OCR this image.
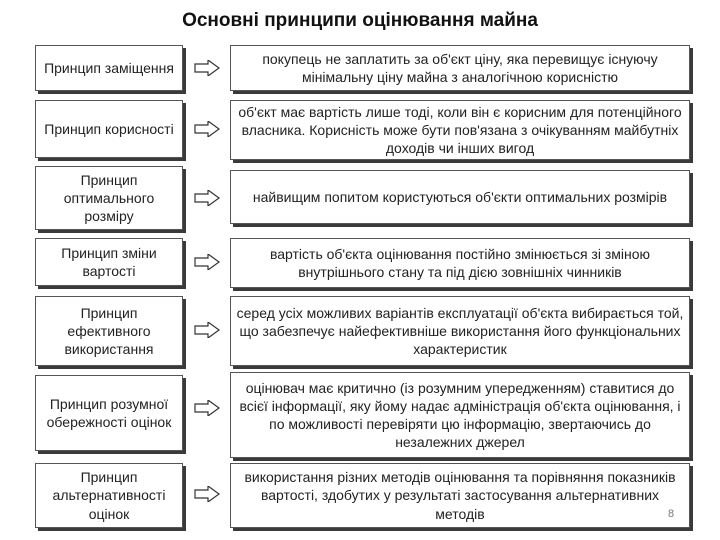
Основні принципи оцінювання майна
Принцип заміщення
покупець не заплатить за об'єкт ціну, яка перевищує існуючу мінімальну ціну майна з аналогічною корисністю
Принцип корисності
об'єкт має вартість лише тоді, коли він є корисним для потенційного власника. Корисність може бути пов'язана з очікуванням майбутніх доходів чи інших вигод
Принцип оптимального розміру
найвищим попитом користуються об'єкти оптимальних розмірів
Принцип зміни вартості
вартість об'єкта оцінювання постійно змінюється зі зміною внутрішнього стану та під дією зовнішніх чинників
Принцип ефективного використання
серед усіх можливих варіантів експлуатації об'єкта вибирається той, що забезпечує найефективніше використання його функціональних характеристик
Принцип розумної обережності оцінок
оцінювач має критично (із розумним упередженням) ставитися до всієї інформації, яку йому надає адміністрація об'єкта оцінювання, і по можливості перевіряти цю інформацію, звертаючись до незалежних джерел
Принцип альтернативності оцінок
використання різних методів оцінювання та порівняння показників вартості, здобутих у результаті застосування альтернативних методів	8
